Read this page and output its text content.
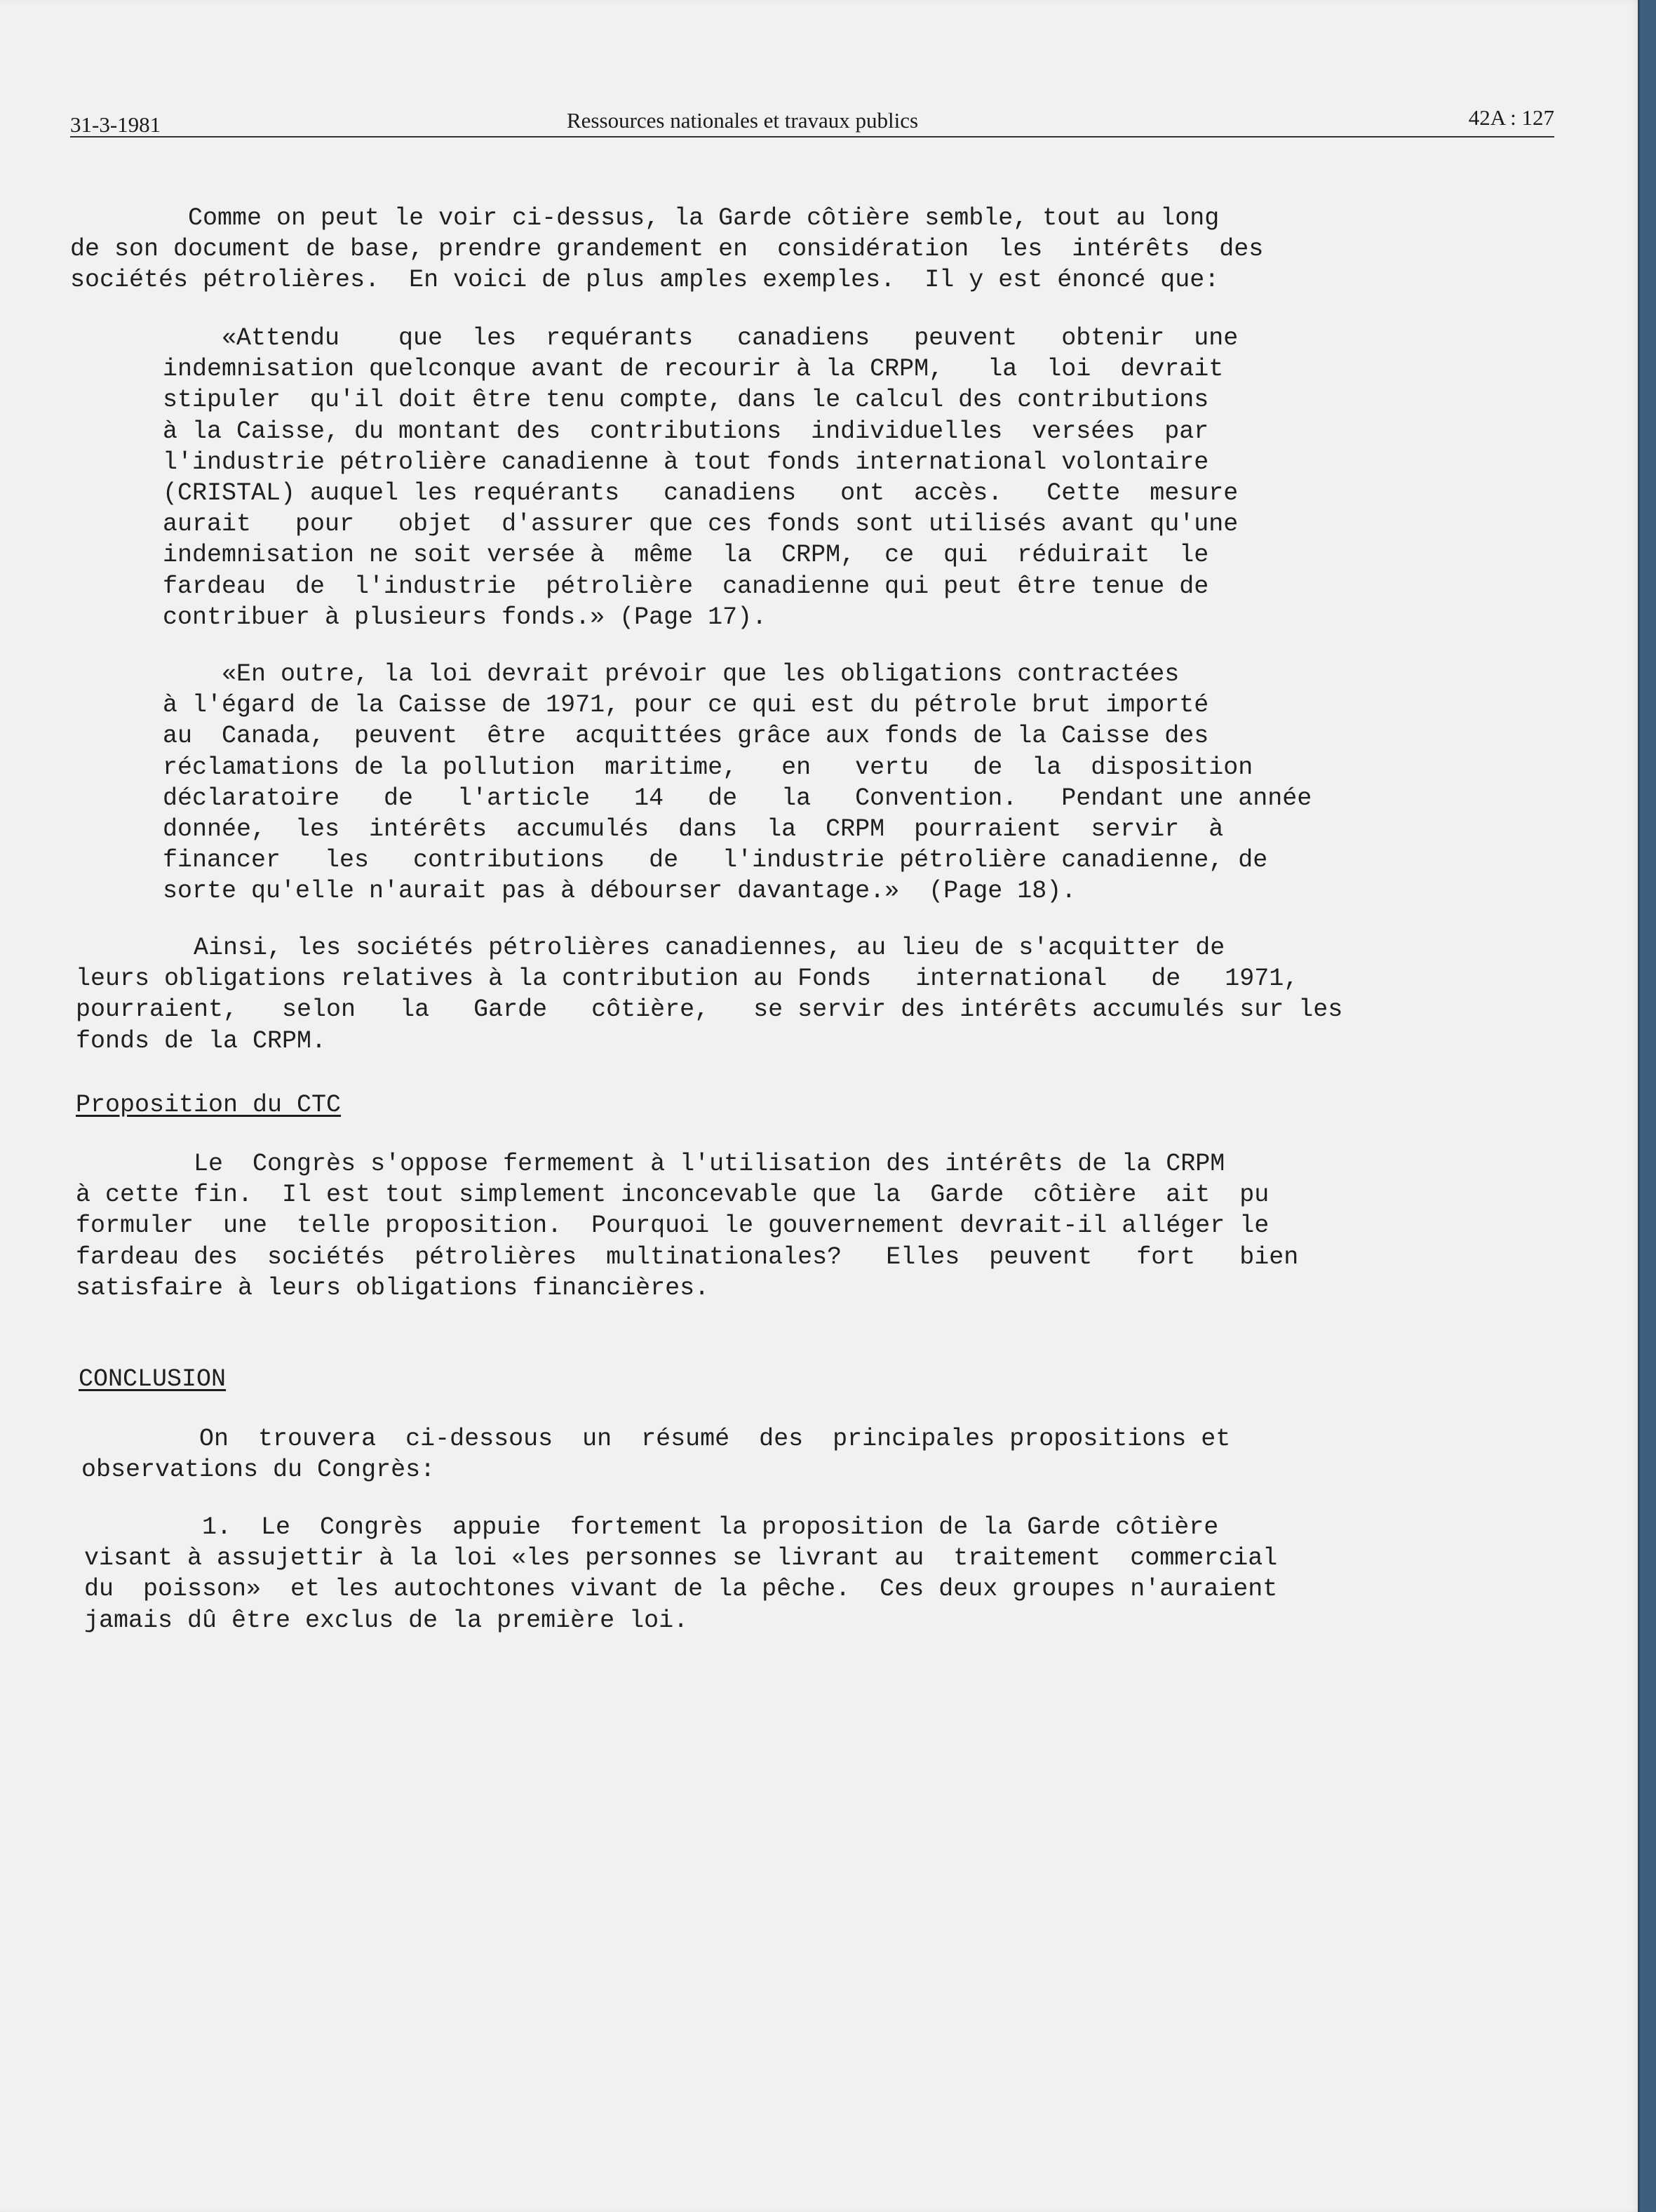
31-3-1981	Ressources nationales et travaux publics	42A : 127

Comme on peut le voir ci-dessus, la Garde côtière semble, tout au long
de son document de base, prendre grandement en  considération  les  intérêts  des
sociétés pétrolières.  En voici de plus amples exemples.  Il y est énoncé que:

«Attendu    que  les  requérants   canadiens   peuvent   obtenir  une
indemnisation quelconque avant de recourir à la CRPM,   la  loi  devrait
stipuler  qu'il doit être tenu compte, dans le calcul des contributions
à la Caisse, du montant des  contributions  individuelles  versées  par
l'industrie pétrolière canadienne à tout fonds international volontaire
(CRISTAL) auquel les requérants   canadiens   ont  accès.   Cette  mesure
aurait   pour   objet  d'assurer que ces fonds sont utilisés avant qu'une
indemnisation ne soit versée à  même  la  CRPM,  ce  qui  réduirait  le
fardeau  de  l'industrie  pétrolière  canadienne qui peut être tenue de
contribuer à plusieurs fonds.» (Page 17).

«En outre, la loi devrait prévoir que les obligations contractées
à l'égard de la Caisse de 1971, pour ce qui est du pétrole brut importé
au  Canada,  peuvent  être  acquittées grâce aux fonds de la Caisse des
réclamations de la pollution  maritime,   en   vertu   de  la  disposition
déclaratoire   de   l'article   14   de   la   Convention.   Pendant une année
donnée,  les  intérêts  accumulés  dans  la  CRPM  pourraient  servir  à
financer   les   contributions   de   l'industrie pétrolière canadienne, de
sorte qu'elle n'aurait pas à débourser davantage.»  (Page 18).

Ainsi, les sociétés pétrolières canadiennes, au lieu de s'acquitter de
leurs obligations relatives à la contribution au Fonds   international   de   1971,
pourraient,   selon   la   Garde   côtière,   se servir des intérêts accumulés sur les
fonds de la CRPM.

Proposition du CTC

Le  Congrès s'oppose fermement à l'utilisation des intérêts de la CRPM
à cette fin.  Il est tout simplement inconcevable que la  Garde  côtière  ait  pu
formuler  une  telle proposition.  Pourquoi le gouvernement devrait-il alléger le
fardeau des  sociétés  pétrolières  multinationales?   Elles  peuvent   fort   bien
satisfaire à leurs obligations financières.

CONCLUSION

On  trouvera  ci-dessous  un  résumé  des  principales propositions et
observations du Congrès:

1.  Le  Congrès  appuie  fortement la proposition de la Garde côtière
visant à assujettir à la loi «les personnes se livrant au  traitement  commercial
du  poisson»  et les autochtones vivant de la pêche.  Ces deux groupes n'auraient
jamais dû être exclus de la première loi.
